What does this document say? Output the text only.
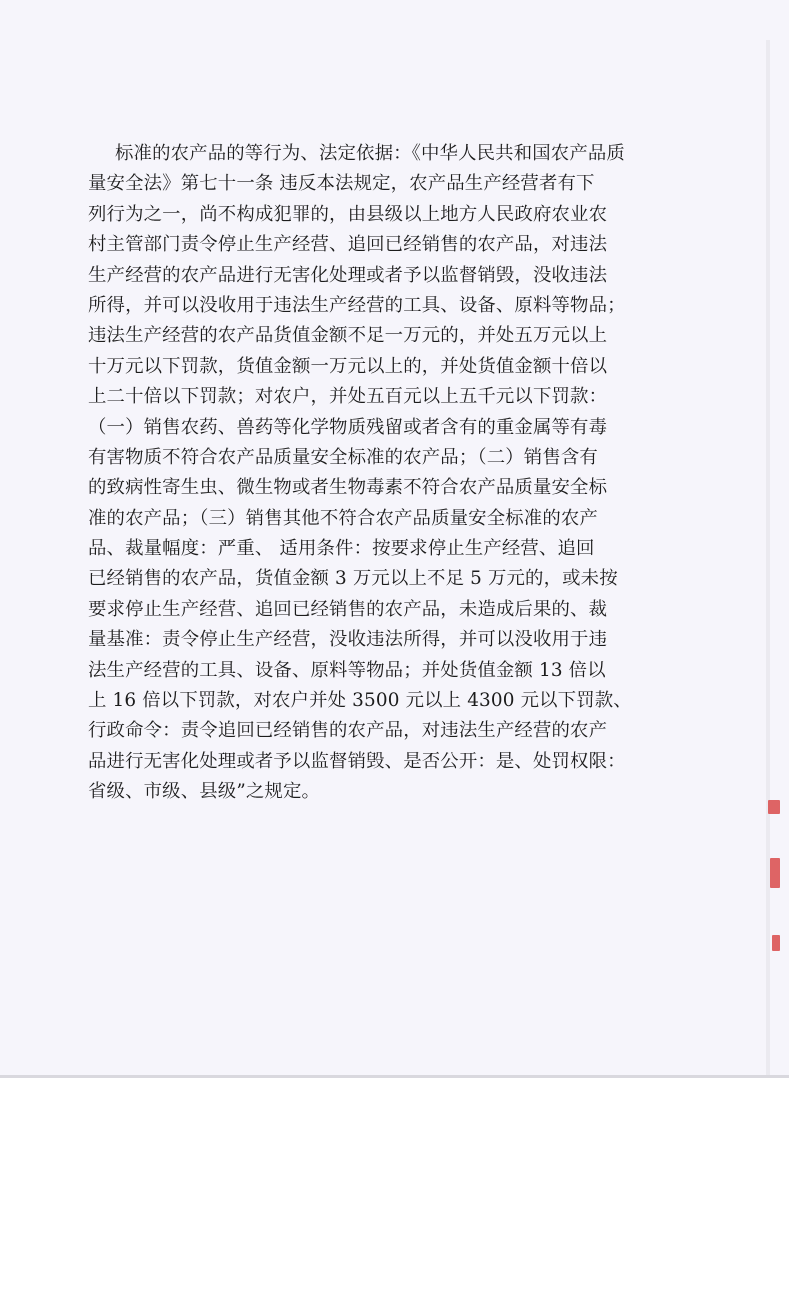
标准的农产品的等行为、法定依据：《中华人民共和国农产品质
量安全法》第七十一条 违反本法规定，农产品生产经营者有下
列行为之一，尚不构成犯罪的，由县级以上地方人民政府农业农
村主管部门责令停止生产经营、追回已经销售的农产品，对违法
生产经营的农产品进行无害化处理或者予以监督销毁，没收违法
所得，并可以没收用于违法生产经营的工具、设备、原料等物品；
违法生产经营的农产品货值金额不足一万元的，并处五万元以上
十万元以下罚款，货值金额一万元以上的，并处货值金额十倍以
上二十倍以下罚款；对农户，并处五百元以上五千元以下罚款：
（一）销售农药、兽药等化学物质残留或者含有的重金属等有毒
有害物质不符合农产品质量安全标准的农产品；（二）销售含有
的致病性寄生虫、微生物或者生物毒素不符合农产品质量安全标
准的农产品；（三）销售其他不符合农产品质量安全标准的农产
品、裁量幅度：严重、 适用条件：按要求停止生产经营、追回
已经销售的农产品，货值金额 3 万元以上不足 5 万元的，或未按
要求停止生产经营、追回已经销售的农产品，未造成后果的、裁
量基准：责令停止生产经营，没收违法所得，并可以没收用于违
法生产经营的工具、设备、原料等物品；并处货值金额 13 倍以
上 16 倍以下罚款，对农户并处 3500 元以上 4300 元以下罚款、
行政命令：责令追回已经销售的农产品，对违法生产经营的农产
品进行无害化处理或者予以监督销毁、是否公开：是、处罚权限：
省级、市级、县级”之规定。
